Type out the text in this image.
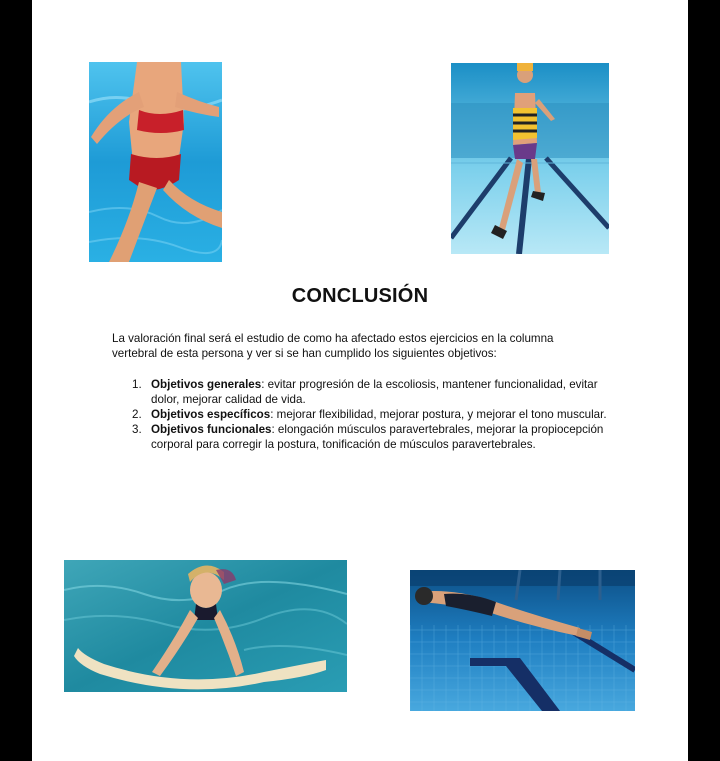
CONCLUSIÓN

La valoración final será el estudio de como ha afectado estos ejercicios en la columna vertebral de esta persona y ver si se han cumplido los siguientes objetivos:

1. Objetivos generales: evitar progresión de la escoliosis, mantener funcionalidad, evitar dolor, mejorar calidad de vida.
2. Objetivos específicos: mejorar flexibilidad, mejorar postura, y mejorar el tono muscular.
3. Objetivos funcionales: elongación músculos paravertebrales, mejorar la propiocepción corporal para corregir la postura, tonificación de músculos paravertebrales.
